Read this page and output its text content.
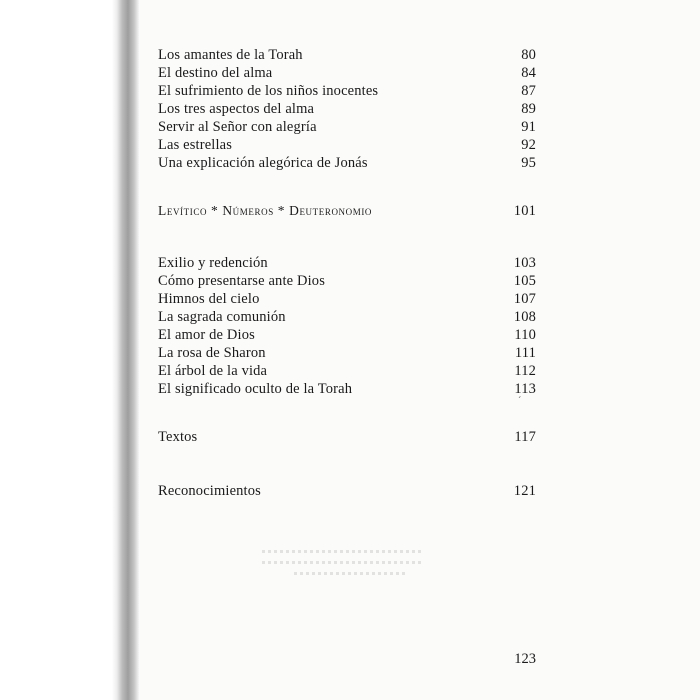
Los amantes de la Torah	80
El destino del alma	84
El sufrimiento de los niños inocentes	87
Los tres aspectos del alma	89
Servir al Señor con alegría	91
Las estrellas	92
Una explicación alegórica de Jonás	95
Levítico * Números * Deuteronomio	101
Exilio y redención	103
Cómo presentarse ante Dios	105
Himnos del cielo	107
La sagrada comunión	108
El amor de Dios	110
La rosa de Sharon	111
El árbol de la vida	112
El significado oculto de la Torah	113
´
Textos	117
Reconocimientos	121
123
